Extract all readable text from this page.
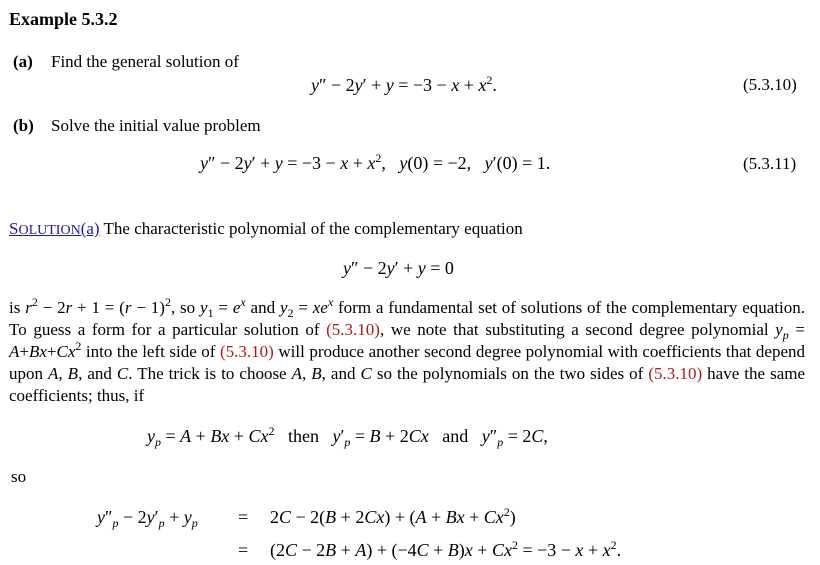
Example 5.3.2
(a) Find the general solution of
$y'' - 2y' + y = -3 - x + x^2$.	(5.3.10)
(b) Solve the initial value problem
$y'' - 2y' + y = -3 - x + x^2$,   y(0) = −2,   y′(0) = 1.	(5.3.11)
SOLUTION(a) The characteristic polynomial of the complementary equation
y″ − 2y′ + y = 0
is $r^2 - 2r + 1 = (r - 1)^2$, so $y_1 = e^x$ and $y_2 = xe^x$ form a fundamental set of solutions of the complementary equation. To guess a form for a particular solution of (5.3.10), we note that substituting a second degree polynomial $y_p = A+Bx+Cx^2$ into the left side of (5.3.10) will produce another second degree polynomial with coefficients that depend upon A, B, and C. The trick is to choose A, B, and C so the polynomials on the two sides of (5.3.10) have the same coefficients; thus, if
$y_p = A + Bx + Cx^2$   then   $y'_p = B + 2Cx$   and   $y''_p = 2C$,
so
$y''_p - 2y'_p + y_p = 2C - 2(B + 2Cx) + (A + Bx + Cx^2)$
= $(2C - 2B + A) + (-4C + B)x + Cx^2 = -3 - x + x^2$.
